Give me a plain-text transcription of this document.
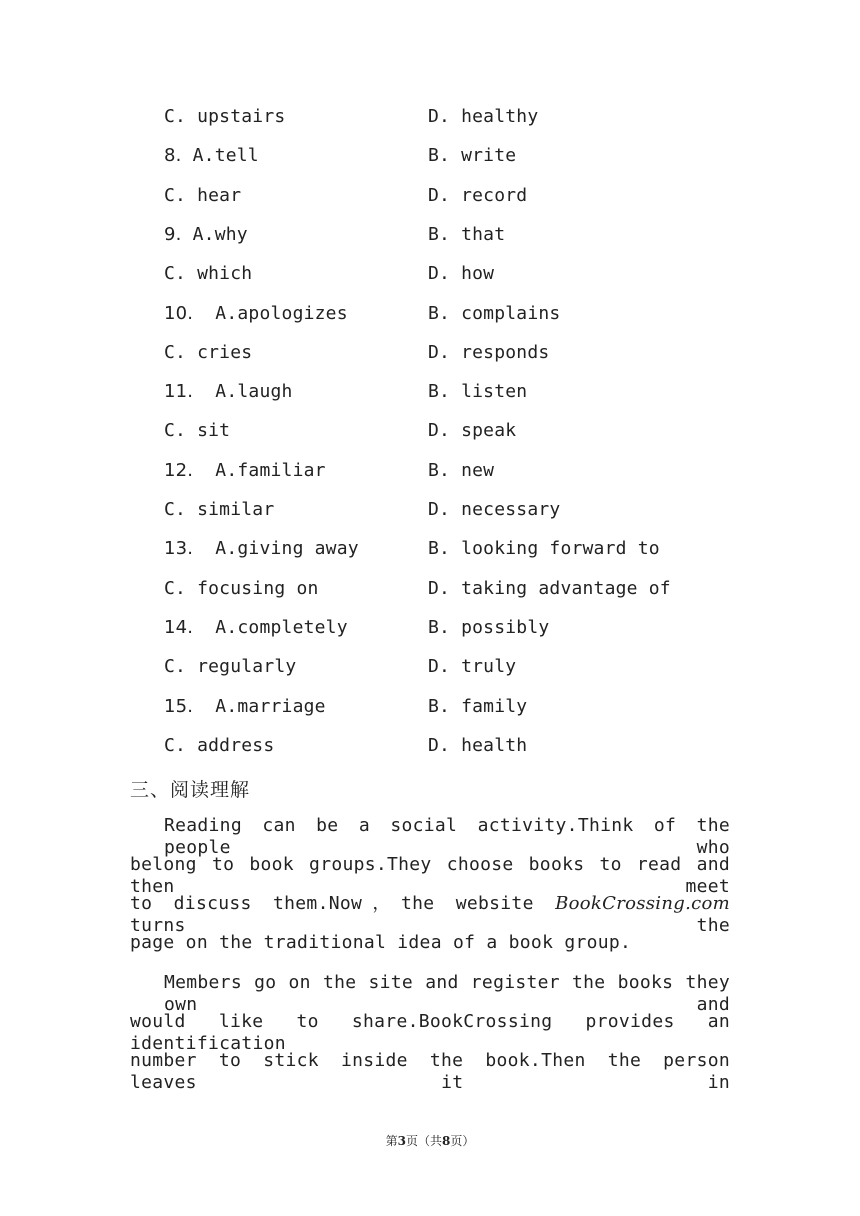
C. upstairs	D. healthy
8. A.tell	B. write
C. hear	D. record
9. A.why	B. that
C. which	D. how
10.  A.apologizes	B. complains
C. cries	D. responds
11.  A.laugh	B. listen
C. sit	D. speak
12.  A.familiar	B. new
C. similar	D. necessary
13.  A.giving away	B. looking forward to
C. focusing on	D. taking advantage of
14.  A.completely	B. possibly
C. regularly	D. truly
15.  A.marriage	B. family
C. address	D. health
三、阅读理解
Reading can be a social activity.Think of the people who
belong to book groups.They choose books to read and then meet
to discuss them.Now，the website BookCrossing.com turns the
page on the traditional idea of a book group.
Members go on the site and register the books they own and
would like to share.BookCrossing provides an identification
number to stick inside the book.Then the person leaves it in
第3页（共8页）
